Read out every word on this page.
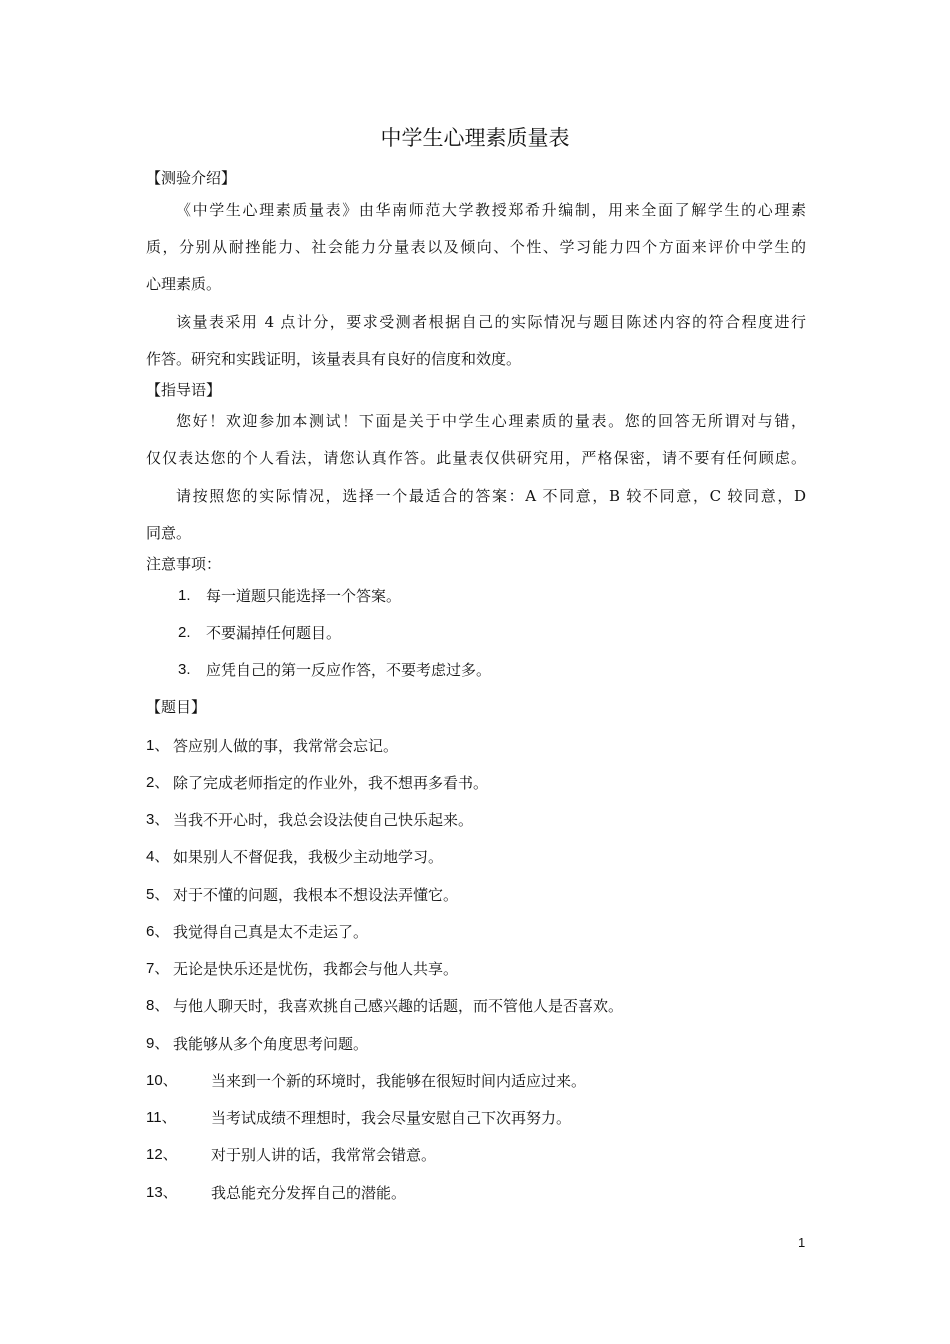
中学生心理素质量表
【测验介绍】
《中学生心理素质量表》由华南师范大学教授郑希升编制，用来全面了解学生的心理素
质，分别从耐挫能力、社会能力分量表以及倾向、个性、学习能力四个方面来评价中学生的
心理素质。
该量表采用 4 点计分，要求受测者根据自己的实际情况与题目陈述内容的符合程度进行
作答。研究和实践证明，该量表具有良好的信度和效度。
【指导语】
您好！欢迎参加本测试！下面是关于中学生心理素质的量表。您的回答无所谓对与错，
仅仅表达您的个人看法，请您认真作答。此量表仅供研究用，严格保密，请不要有任何顾虑。
请按照您的实际情况，选择一个最适合的答案：A 不同意，B 较不同意，C 较同意，D
同意。
注意事项：
1. 每一道题只能选择一个答案。
2. 不要漏掉任何题目。
3. 应凭自己的第一反应作答，不要考虑过多。
【题目】
1、 答应别人做的事，我常常会忘记。
2、 除了完成老师指定的作业外，我不想再多看书。
3、 当我不开心时，我总会设法使自己快乐起来。
4、 如果别人不督促我，我极少主动地学习。
5、 对于不懂的问题，我根本不想设法弄懂它。
6、 我觉得自己真是太不走运了。
7、 无论是快乐还是忧伤，我都会与他人共享。
8、 与他人聊天时，我喜欢挑自己感兴趣的话题，而不管他人是否喜欢。
9、 我能够从多个角度思考问题。
10、 当来到一个新的环境时，我能够在很短时间内适应过来。
11、 当考试成绩不理想时，我会尽量安慰自己下次再努力。
12、 对于别人讲的话，我常常会错意。
13、 我总能充分发挥自己的潜能。
1
